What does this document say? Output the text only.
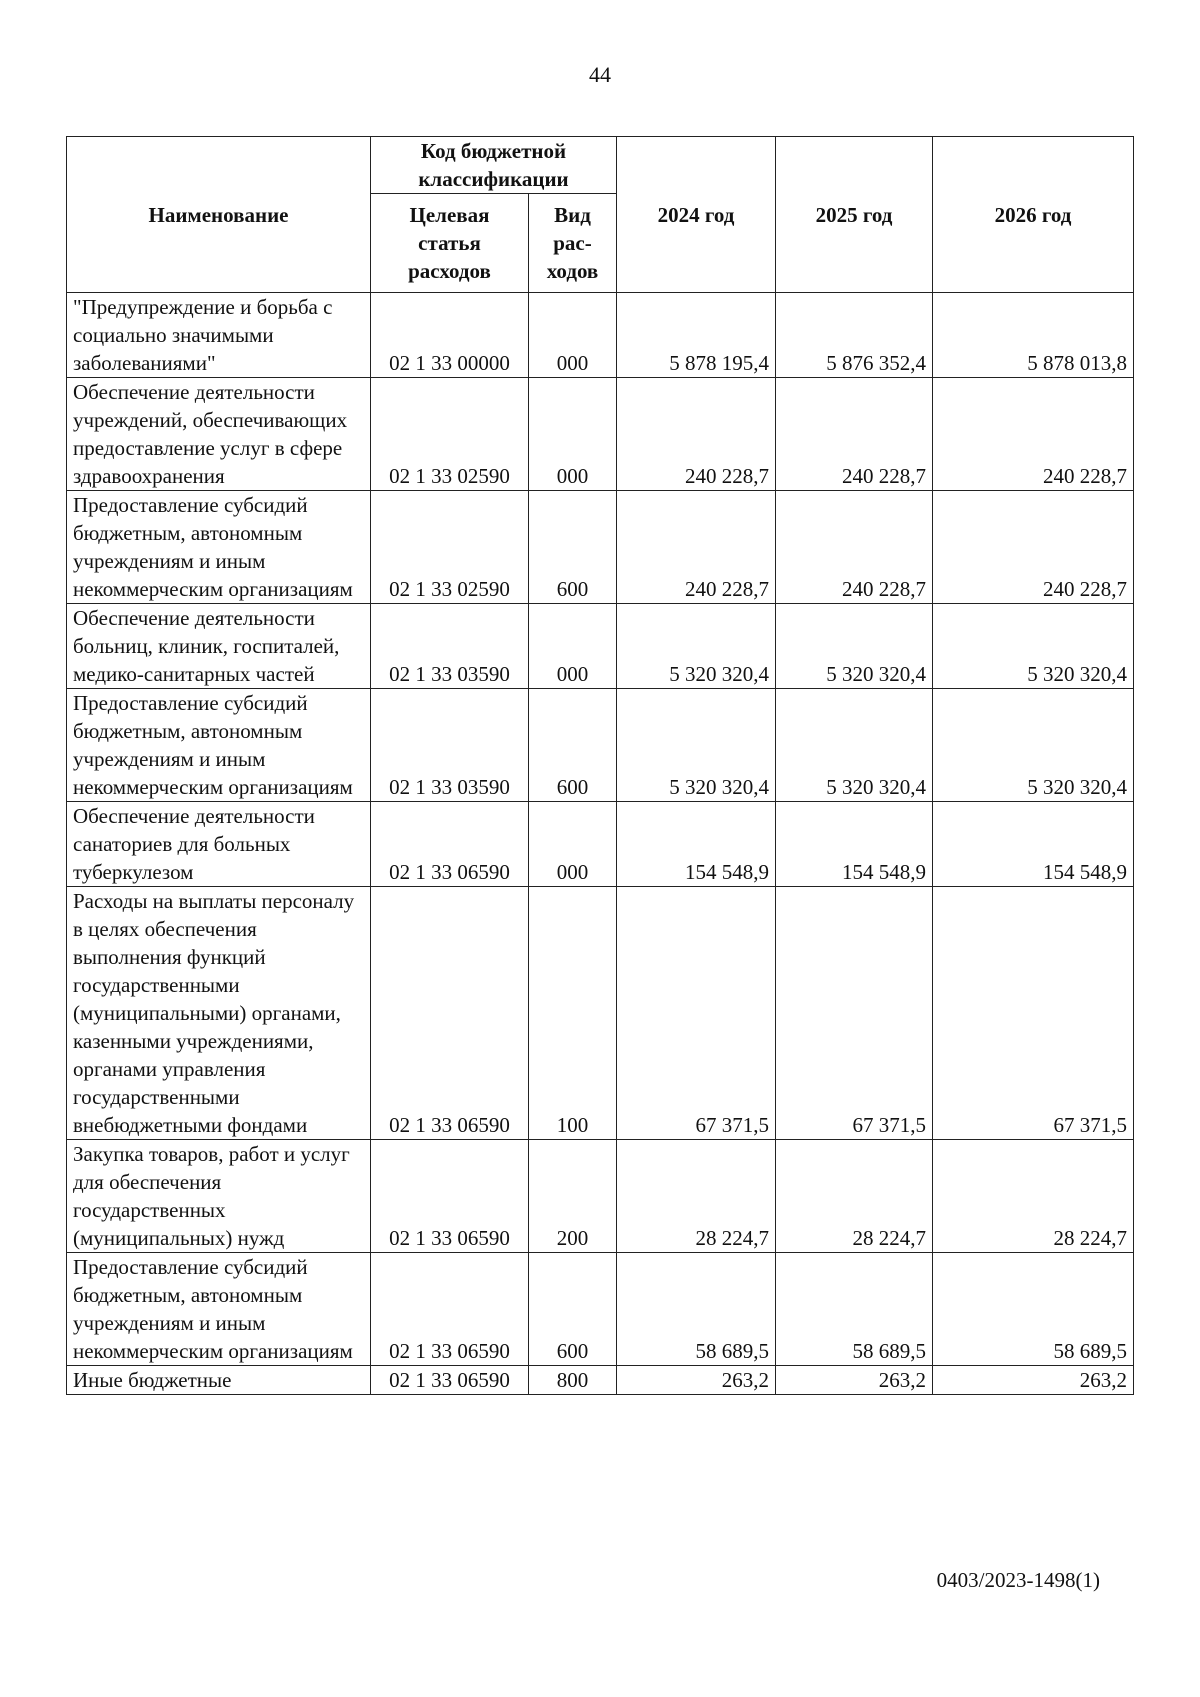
44
Наименование	Код бюджетной классификации		2024 год	2025 год	2026 год
	Целевая статья расходов	Вид рас-ходов			
"Предупреждение и борьба с социально значимыми заболеваниями"	02 1 33 00000	000	5 878 195,4	5 876 352,4	5 878 013,8
Обеспечение деятельности учреждений, обеспечивающих предоставление услуг в сфере здравоохранения	02 1 33 02590	000	240 228,7	240 228,7	240 228,7
Предоставление субсидий бюджетным, автономным учреждениям и иным некоммерческим организациям	02 1 33 02590	600	240 228,7	240 228,7	240 228,7
Обеспечение деятельности больниц, клиник, госпиталей, медико-санитарных частей	02 1 33 03590	000	5 320 320,4	5 320 320,4	5 320 320,4
Предоставление субсидий бюджетным, автономным учреждениям и иным некоммерческим организациям	02 1 33 03590	600	5 320 320,4	5 320 320,4	5 320 320,4
Обеспечение деятельности санаториев для больных туберкулезом	02 1 33 06590	000	154 548,9	154 548,9	154 548,9
Расходы на выплаты персоналу в целях обеспечения выполнения функций государственными (муниципальными) органами, казенными учреждениями, органами управления государственными внебюджетными фондами	02 1 33 06590	100	67 371,5	67 371,5	67 371,5
Закупка товаров, работ и услуг для обеспечения государственных (муниципальных) нужд	02 1 33 06590	200	28 224,7	28 224,7	28 224,7
Предоставление субсидий бюджетным, автономным учреждениям и иным некоммерческим организациям	02 1 33 06590	600	58 689,5	58 689,5	58 689,5
Иные бюджетные	02 1 33 06590	800	263,2	263,2	263,2
0403/2023-1498(1)
